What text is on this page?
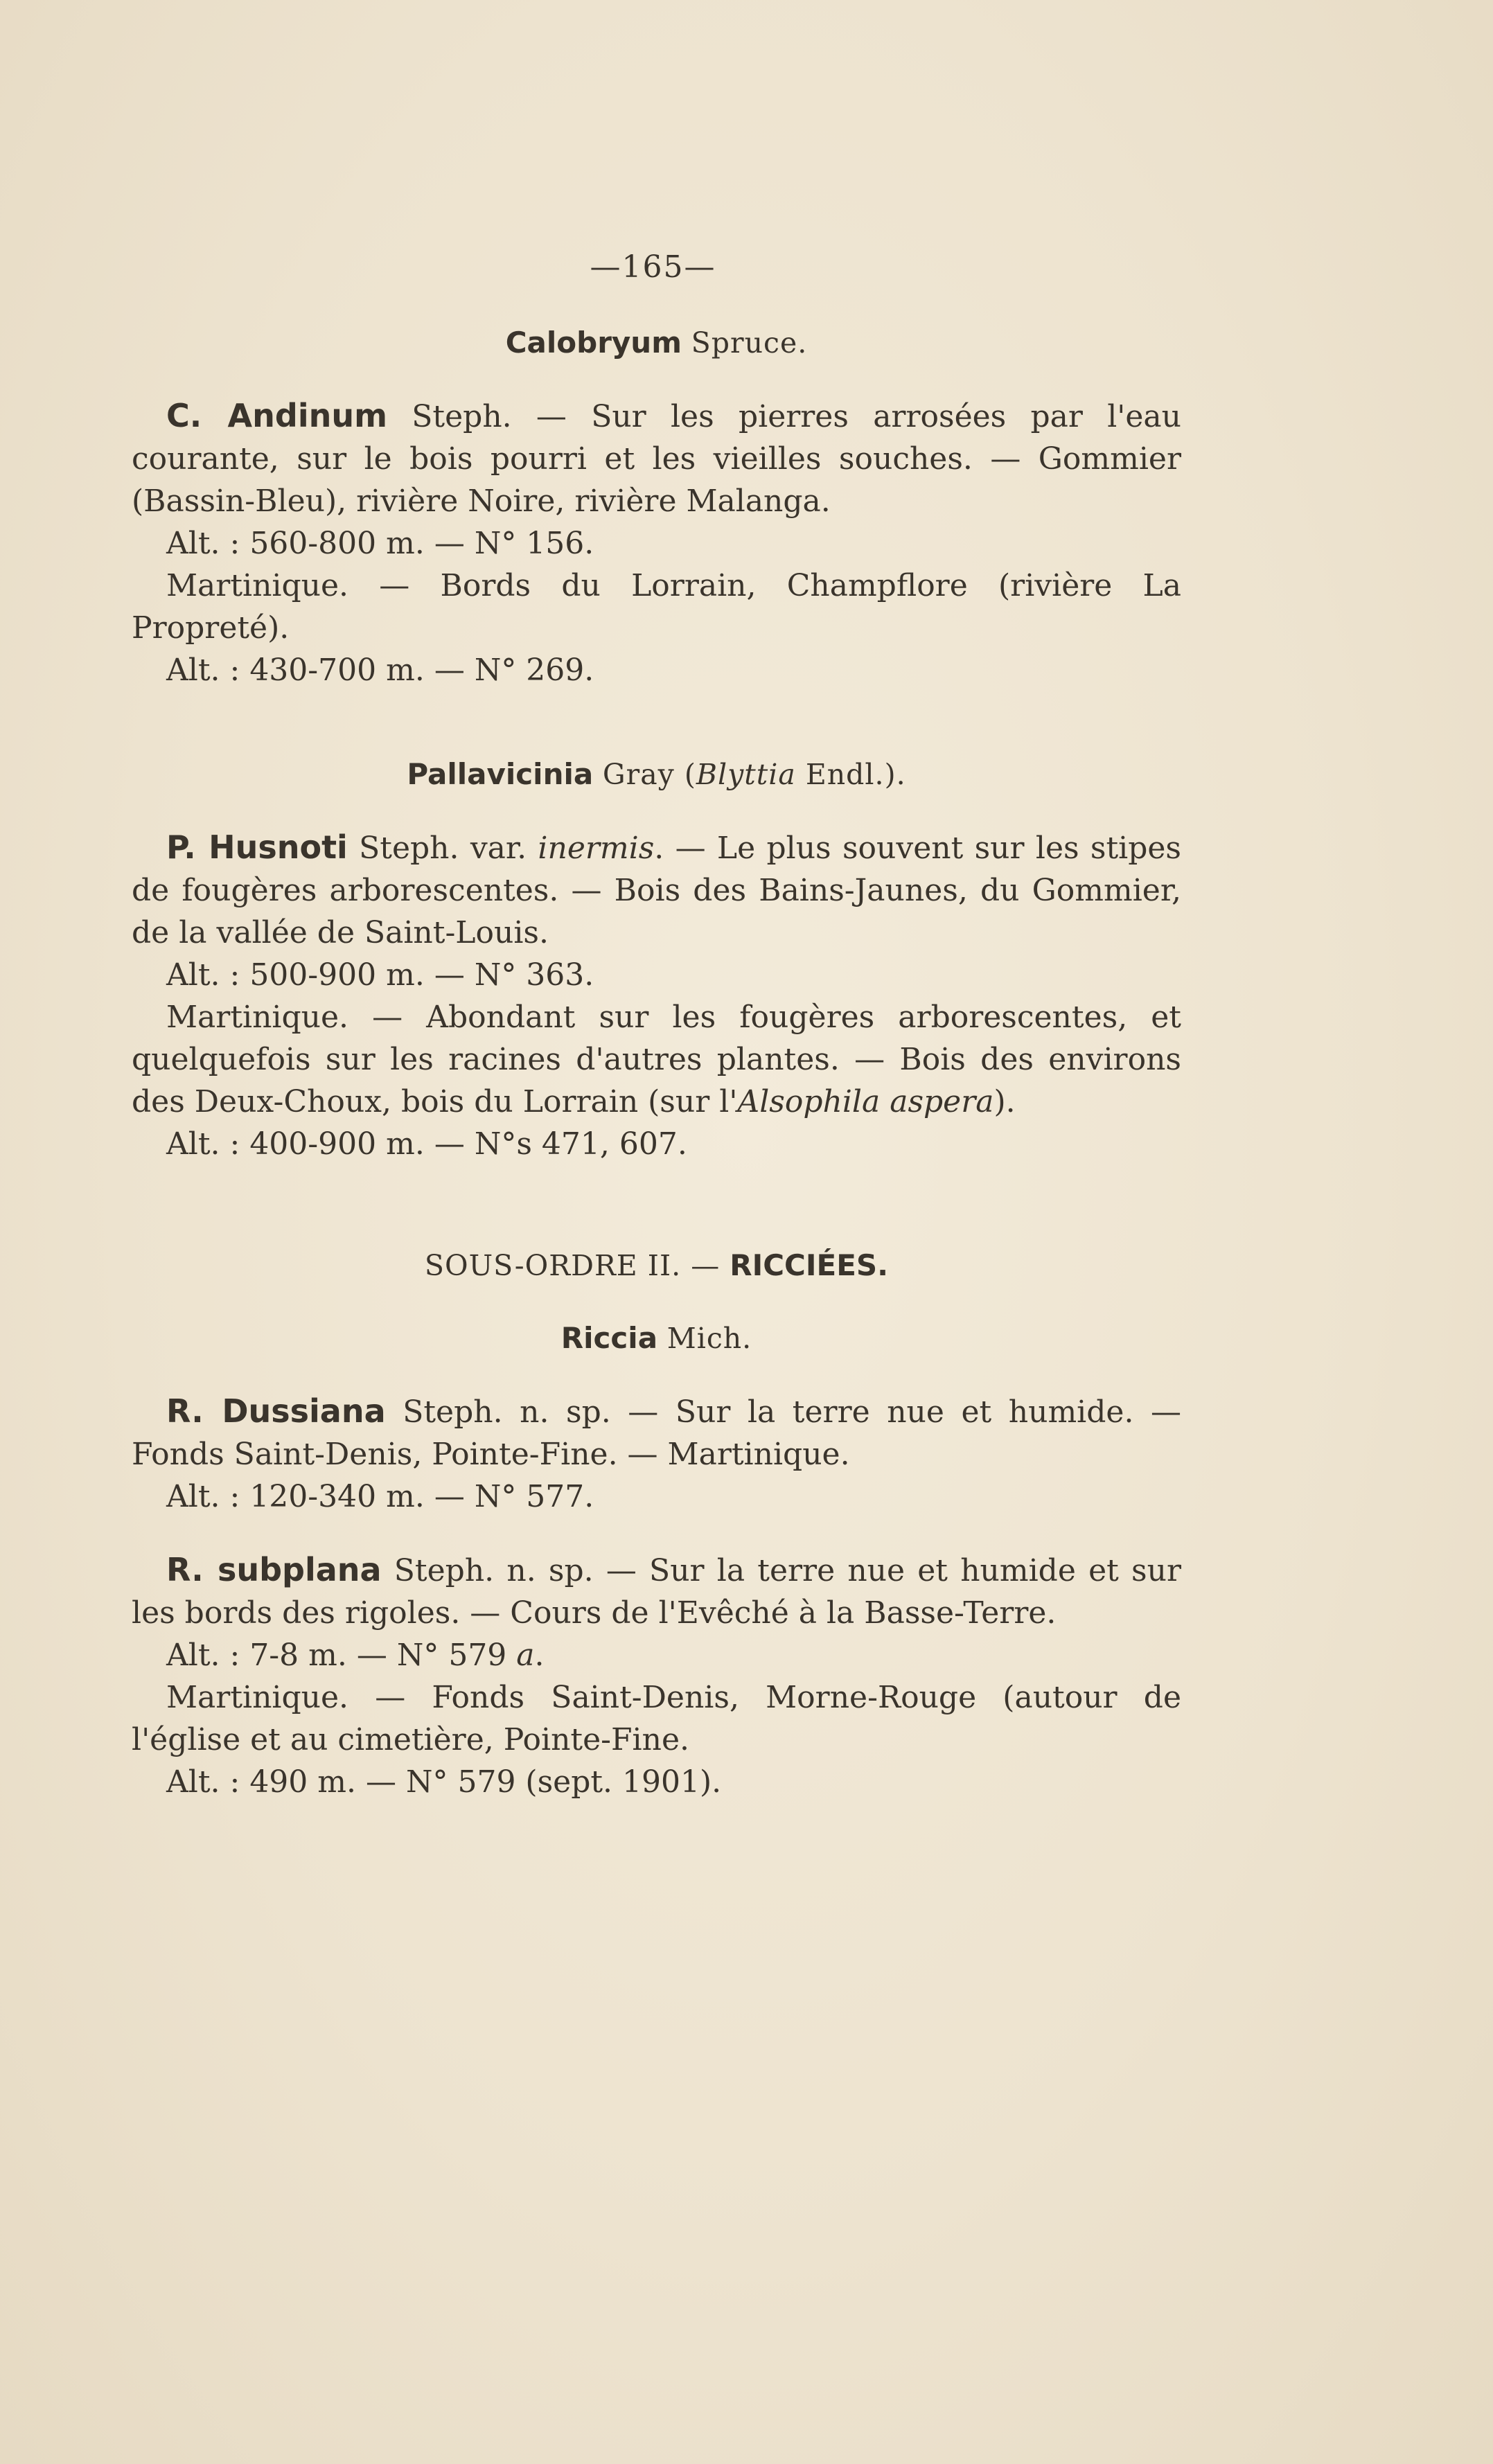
—165—
Calobryum Spruce.

C. Andinum Steph. — Sur les pierres arrosées par l'eau courante, sur le bois pourri et les vieilles souches. — Gommier (Bassin-Bleu), rivière Noire, rivière Malanga.

Alt. : 560-800 m. — N° 156.

Martinique. — Bords du Lorrain, Champflore (rivière La Propreté).

Alt. : 430-700 m. — N° 269.

Pallavicinia Gray (Blyttia Endl.).

P. Husnoti Steph. var. inermis. — Le plus souvent sur les stipes de fougères arborescentes. — Bois des Bains-Jaunes, du Gommier, de la vallée de Saint-Louis.

Alt. : 500-900 m. — N° 363.

Martinique. — Abondant sur les fougères arborescentes, et quelquefois sur les racines d'autres plantes. — Bois des environs des Deux-Choux, bois du Lorrain (sur l'Alsophila aspera).

Alt. : 400-900 m. — N°s 471, 607.

SOUS-ORDRE II. — RICCIÉES.
Riccia Mich.

R. Dussiana Steph. n. sp. — Sur la terre nue et humide. — Fonds Saint-Denis, Pointe-Fine. — Martinique.

Alt. : 120-340 m. — N° 577.

R. subplana Steph. n. sp. — Sur la terre nue et humide et sur les bords des rigoles. — Cours de l'Evêché à la Basse-Terre.

Alt. : 7-8 m. — N° 579 a.

Martinique. — Fonds Saint-Denis, Morne-Rouge (autour de l'église et au cimetière, Pointe-Fine.

Alt. : 490 m. — N° 579 (sept. 1901).
